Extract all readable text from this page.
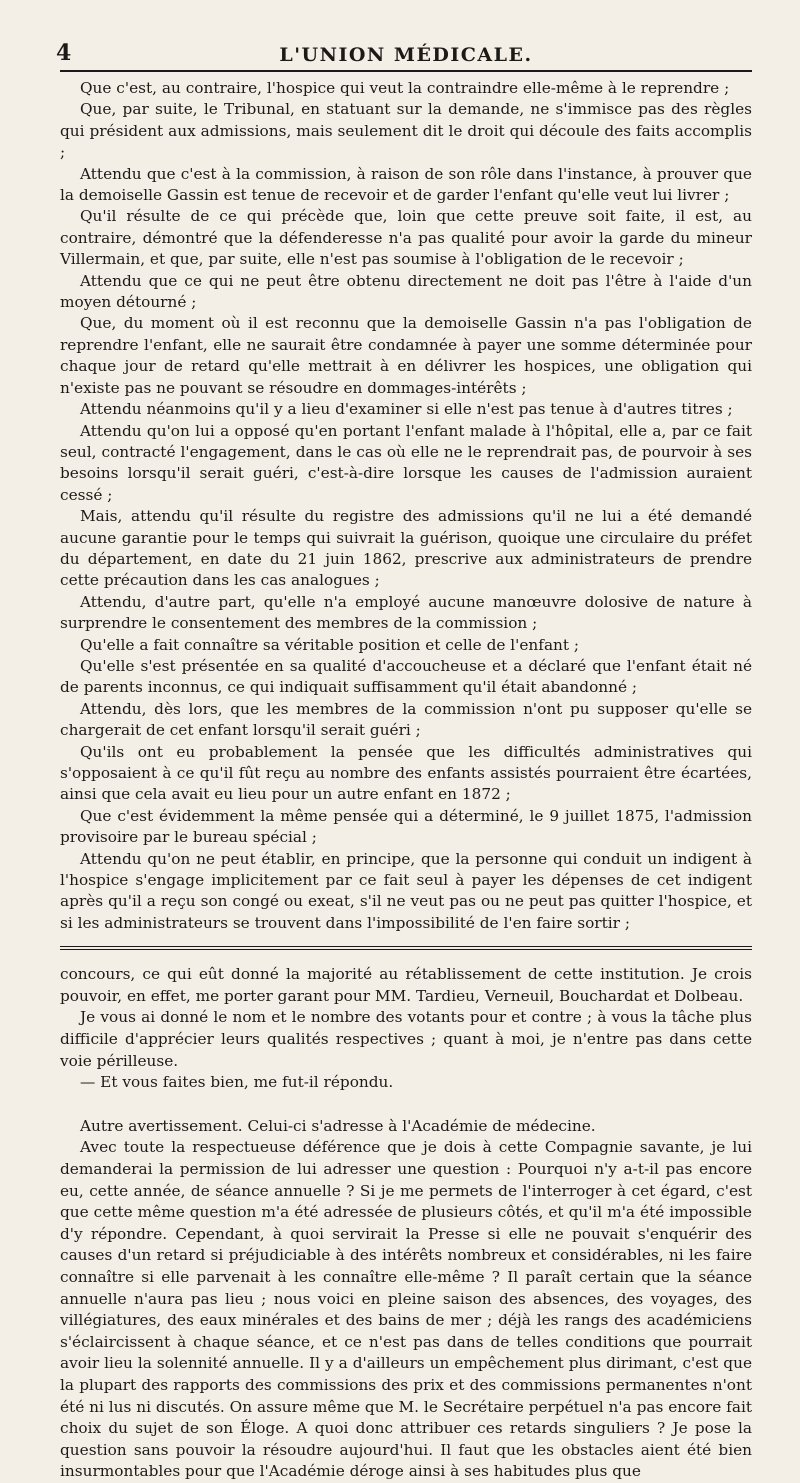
4	L'UNION MÉDICALE.

Que c'est, au contraire, l'hospice qui veut la contraindre elle-même à le reprendre ;

Que, par suite, le Tribunal, en statuant sur la demande, ne s'immisce pas des règles qui président aux admissions, mais seulement dit le droit qui découle des faits accomplis ;

Attendu que c'est à la commission, à raison de son rôle dans l'instance, à prouver que la demoiselle Gassin est tenue de recevoir et de garder l'enfant qu'elle veut lui livrer ;

Qu'il résulte de ce qui précède que, loin que cette preuve soit faite, il est, au contraire, démontré que la défenderesse n'a pas qualité pour avoir la garde du mineur Villermain, et que, par suite, elle n'est pas soumise à l'obligation de le recevoir ;

Attendu que ce qui ne peut être obtenu directement ne doit pas l'être à l'aide d'un moyen détourné ;

Que, du moment où il est reconnu que la demoiselle Gassin n'a pas l'obligation de reprendre l'enfant, elle ne saurait être condamnée à payer une somme déterminée pour chaque jour de retard qu'elle mettrait à en délivrer les hospices, une obligation qui n'existe pas ne pouvant se résoudre en dommages-intérêts ;

Attendu néanmoins qu'il y a lieu d'examiner si elle n'est pas tenue à d'autres titres ;

Attendu qu'on lui a opposé qu'en portant l'enfant malade à l'hôpital, elle a, par ce fait seul, contracté l'engagement, dans le cas où elle ne le reprendrait pas, de pourvoir à ses besoins lorsqu'il serait guéri, c'est-à-dire lorsque les causes de l'admission auraient cessé ;

Mais, attendu qu'il résulte du registre des admissions qu'il ne lui a été demandé aucune garantie pour le temps qui suivrait la guérison, quoique une circulaire du préfet du département, en date du 21 juin 1862, prescrive aux administrateurs de prendre cette précaution dans les cas analogues ;

Attendu, d'autre part, qu'elle n'a employé aucune manœuvre dolosive de nature à surprendre le consentement des membres de la commission ;

Qu'elle a fait connaître sa véritable position et celle de l'enfant ;

Qu'elle s'est présentée en sa qualité d'accoucheuse et a déclaré que l'enfant était né de parents inconnus, ce qui indiquait suffisamment qu'il était abandonné ;

Attendu, dès lors, que les membres de la commission n'ont pu supposer qu'elle se chargerait de cet enfant lorsqu'il serait guéri ;

Qu'ils ont eu probablement la pensée que les difficultés administratives qui s'opposaient à ce qu'il fût reçu au nombre des enfants assistés pourraient être écartées, ainsi que cela avait eu lieu pour un autre enfant en 1872 ;

Que c'est évidemment la même pensée qui a déterminé, le 9 juillet 1875, l'admission provisoire par le bureau spécial ;

Attendu qu'on ne peut établir, en principe, que la personne qui conduit un indigent à l'hospice s'engage implicitement par ce fait seul à payer les dépenses de cet indigent après qu'il a reçu son congé ou exeat, s'il ne veut pas ou ne peut pas quitter l'hospice, et si les administrateurs se trouvent dans l'impossibilité de l'en faire sortir ;

concours, ce qui eût donné la majorité au rétablissement de cette institution. Je crois pouvoir, en effet, me porter garant pour MM. Tardieu, Verneuil, Bouchardat et Dolbeau.

Je vous ai donné le nom et le nombre des votants pour et contre ; à vous la tâche plus difficile d'apprécier leurs qualités respectives ; quant à moi, je n'entre pas dans cette voie périlleuse.

— Et vous faites bien, me fut-il répondu.

Autre avertissement. Celui-ci s'adresse à l'Académie de médecine.

Avec toute la respectueuse déférence que je dois à cette Compagnie savante, je lui demanderai la permission de lui adresser une question : Pourquoi n'y a-t-il pas encore eu, cette année, de séance annuelle ? Si je me permets de l'interroger à cet égard, c'est que cette même question m'a été adressée de plusieurs côtés, et qu'il m'a été impossible d'y répondre. Cependant, à quoi servirait la Presse si elle ne pouvait s'enquérir des causes d'un retard si préjudiciable à des intérêts nombreux et considérables, ni les faire connaître si elle parvenait à les connaître elle-même ? Il paraît certain que la séance annuelle n'aura pas lieu ; nous voici en pleine saison des absences, des voyages, des villégiatures, des eaux minérales et des bains de mer ; déjà les rangs des académiciens s'éclaircissent à chaque séance, et ce n'est pas dans de telles conditions que pourrait avoir lieu la solennité annuelle. Il y a d'ailleurs un empêchement plus dirimant, c'est que la plupart des rapports des commissions des prix et des commissions permanentes n'ont été ni lus ni discutés. On assure même que M. le Secrétaire perpétuel n'a pas encore fait choix du sujet de son Éloge. A quoi donc attribuer ces retards singuliers ? Je pose la question sans pouvoir la résoudre aujourd'hui. Il faut que les obstacles aient été bien insurmontables pour que l'Académie déroge ainsi à ses habitudes plus que
